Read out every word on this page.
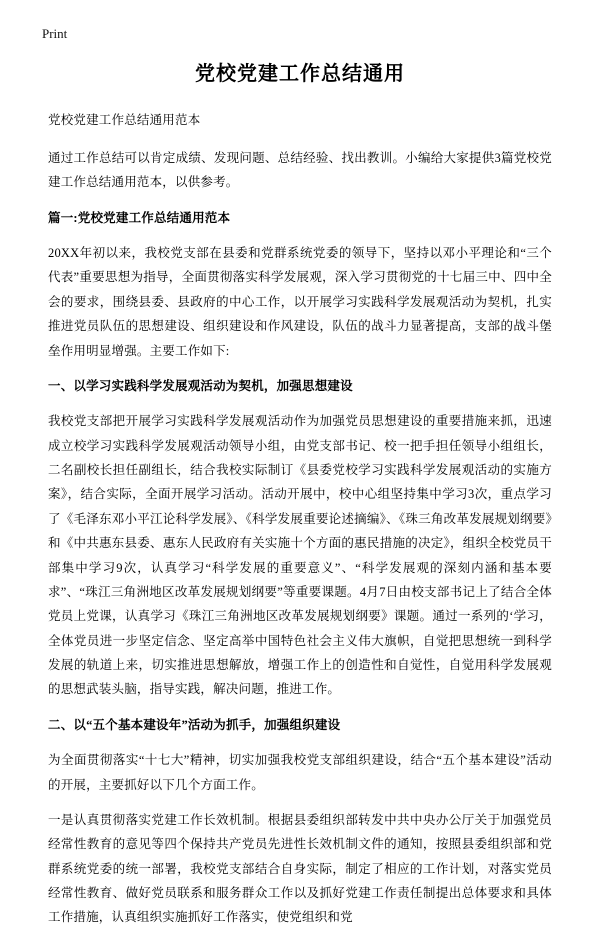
Print
党校党建工作总结通用

党校党建工作总结通用范本

通过工作总结可以肯定成绩、发现问题、总结经验、找出教训。小编给大家提供3篇党校党建工作总结通用范本，以供参考。

篇一:党校党建工作总结通用范本

20XX年初以来，我校党支部在县委和党群系统党委的领导下，坚持以邓小平理论和“三个代表”重要思想为指导，全面贯彻落实科学发展观，深入学习贯彻党的十七届三中、四中全会的要求，围绕县委、县政府的中心工作，以开展学习实践科学发展观活动为契机，扎实推进党员队伍的思想建设、组织建设和作风建设，队伍的战斗力显著提高，支部的战斗堡垒作用明显增强。主要工作如下:

一、以学习实践科学发展观活动为契机，加强思想建设

我校党支部把开展学习实践科学发展观活动作为加强党员思想建设的重要措施来抓，迅速成立校学习实践科学发展观活动领导小组，由党支部书记、校一把手担任领导小组组长，二名副校长担任副组长，结合我校实际制订《县委党校学习实践科学发展观活动的实施方案》，结合实际，全面开展学习活动。活动开展中，校中心组坚持集中学习3次，重点学习了《毛泽东邓小平江论科学发展》、《科学发展重要论述摘编》、《珠三角改革发展规划纲要》和《中共惠东县委、惠东人民政府有关实施十个方面的惠民措施的决定》，组织全校党员干部集中学习9次，认真学习“科学发展的重要意义”、“科学发展观的深刻内涵和基本要求”、“珠江三角洲地区改革发展规划纲要”等重要课题。4月7日由校支部书记上了结合全体党员上党课，认真学习《珠江三角洲地区改革发展规划纲要》课题。通过一系列的‘学习，全体党员进一步坚定信念、坚定高举中国特色社会主义伟大旗帜，自觉把思想统一到科学发展的轨道上来，切实推进思想解放，增强工作上的创造性和自觉性，自觉用科学发展观的思想武装头脑，指导实践，解决问题，推进工作。

二、以“五个基本建设年”活动为抓手，加强组织建设

为全面贯彻落实“十七大”精神，切实加强我校党支部组织建设，结合“五个基本建设”活动的开展，主要抓好以下几个方面工作。

一是认真贯彻落实党建工作长效机制。根据县委组织部转发中共中央办公厅关于加强党员经常性教育的意见等四个保持共产党员先进性长效机制文件的通知，按照县委组织部和党群系统党委的统一部署，我校党支部结合自身实际，制定了相应的工作计划，对落实党员经常性教育、做好党员联系和服务群众工作以及抓好党建工作责任制提出总体要求和具体工作措施，认真组织实施抓好工作落实，使党组织和党
